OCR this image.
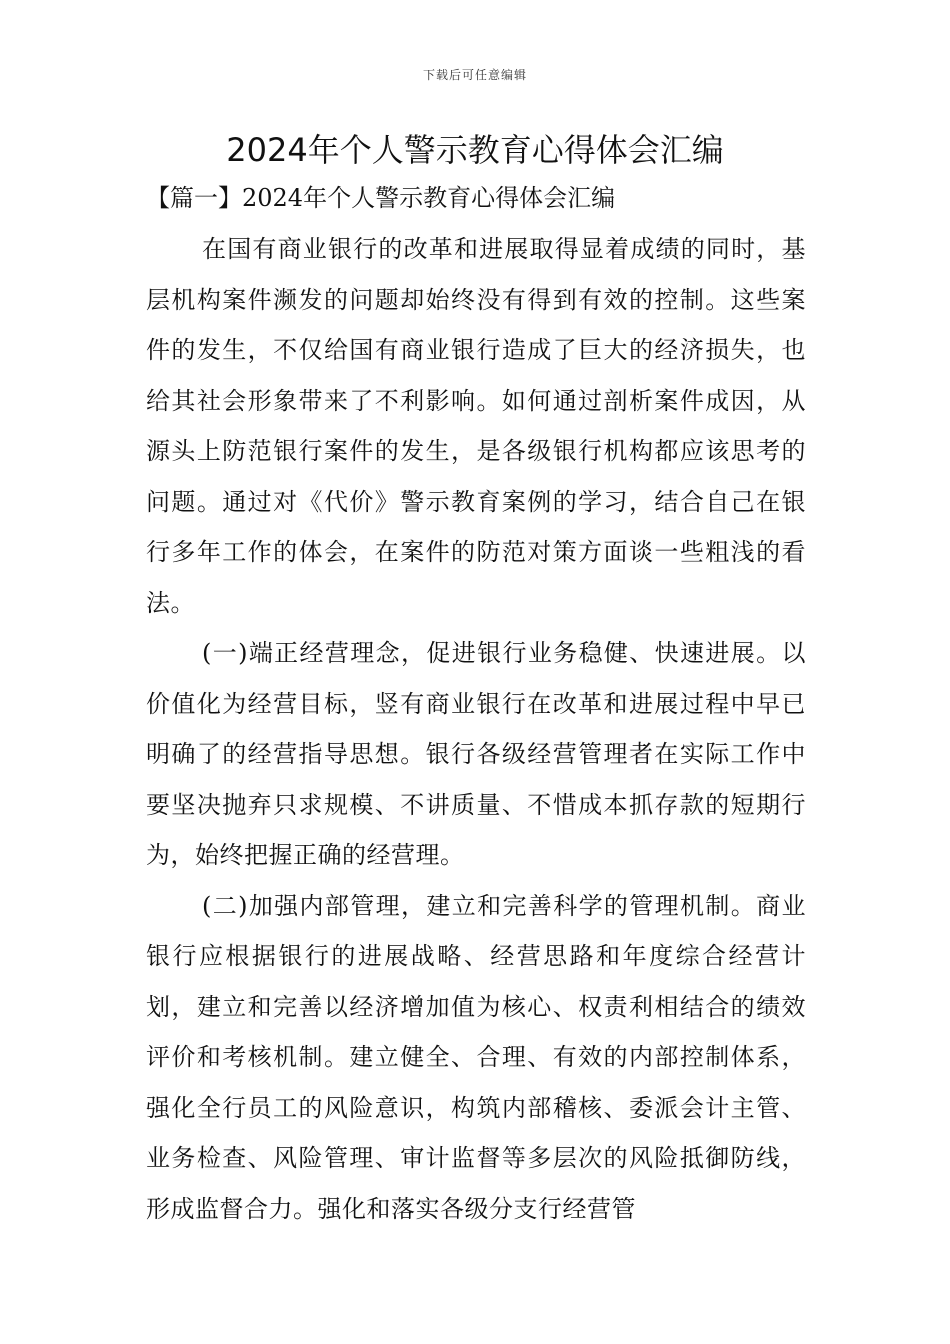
下载后可任意编辑
2024年个人警示教育心得体会汇编
【篇一】2024年个人警示教育心得体会汇编

在国有商业银行的改革和进展取得显着成绩的同时，基层机构案件濒发的问题却始终没有得到有效的控制。这些案件的发生，不仅给国有商业银行造成了巨大的经济损失，也给其社会形象带来了不利影响。如何通过剖析案件成因，从源头上防范银行案件的发生，是各级银行机构都应该思考的问题。通过对《代价》警示教育案例的学习，结合自己在银行多年工作的体会，在案件的防范对策方面谈一些粗浅的看法。

(一)端正经营理念，促进银行业务稳健、快速进展。以价值化为经营目标，竖有商业银行在改革和进展过程中早已明确了的经营指导思想。银行各级经营管理者在实际工作中要坚决抛弃只求规模、不讲质量、不惜成本抓存款的短期行为，始终把握正确的经营理。

(二)加强内部管理，建立和完善科学的管理机制。商业银行应根据银行的进展战略、经营思路和年度综合经营计划，建立和完善以经济增加值为核心、权责利相结合的绩效评价和考核机制。建立健全、合理、有效的内部控制体系，强化全行员工的风险意识，构筑内部稽核、委派会计主管、业务检查、风险管理、审计监督等多层次的风险抵御防线，形成监督合力。强化和落实各级分支行经营管
